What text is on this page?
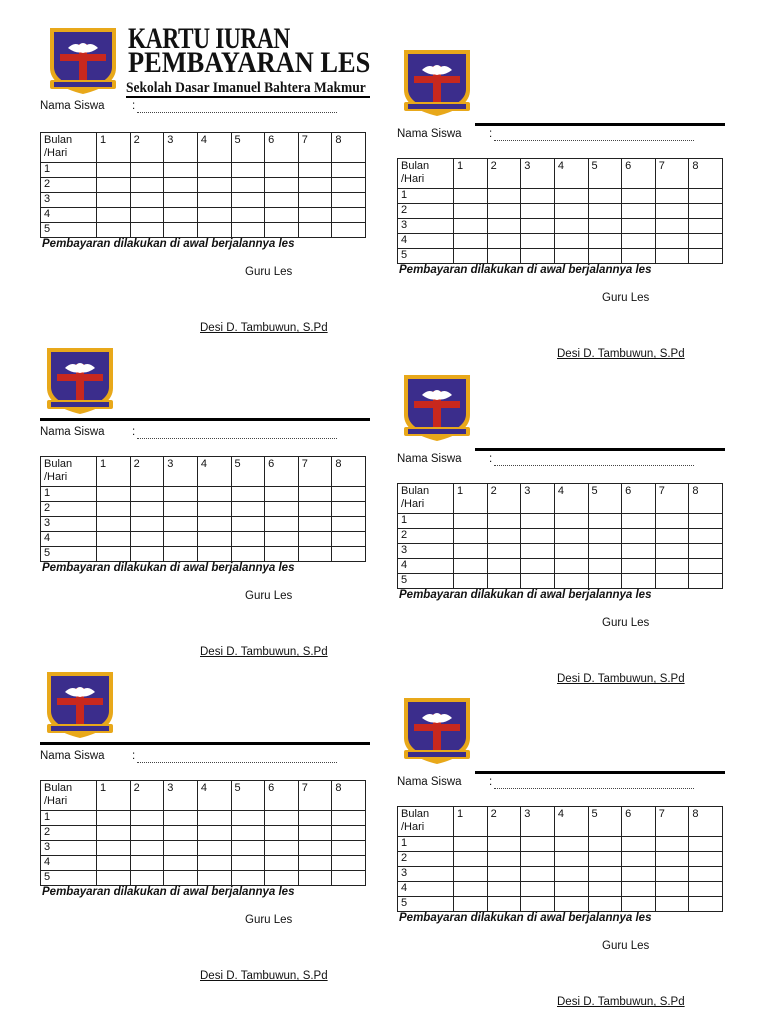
KARTU IURAN
PEMBAYARAN LES
Sekolah Dasar Imanuel Bahtera Makmur
Nama Siswa :
Bulan
/Hari	1	2	3	4	5	6	7	8
1								
2								
3								
4								
5								
Pembayaran dilakukan di awal berjalannya les
Guru Les
Desi D. Tambuwun, S.Pd
Nama Siswa :
Bulan
/Hari	1	2	3	4	5	6	7	8
1								
2								
3								
4								
5								
Pembayaran dilakukan di awal berjalannya les
Guru Les
Desi D. Tambuwun, S.Pd
Nama Siswa :
Bulan
/Hari	1	2	3	4	5	6	7	8
1								
2								
3								
4								
5								
Pembayaran dilakukan di awal berjalannya les
Guru Les
Desi D. Tambuwun, S.Pd
Nama Siswa :
Bulan
/Hari	1	2	3	4	5	6	7	8
1								
2								
3								
4								
5								
Pembayaran dilakukan di awal berjalannya les
Guru Les
Desi D. Tambuwun, S.Pd
Nama Siswa :
Bulan
/Hari	1	2	3	4	5	6	7	8
1								
2								
3								
4								
5								
Pembayaran dilakukan di awal berjalannya les
Guru Les
Desi D. Tambuwun, S.Pd
Nama Siswa :
Bulan
/Hari	1	2	3	4	5	6	7	8
1								
2								
3								
4								
5								
Pembayaran dilakukan di awal berjalannya les
Guru Les
Desi D. Tambuwun, S.Pd
